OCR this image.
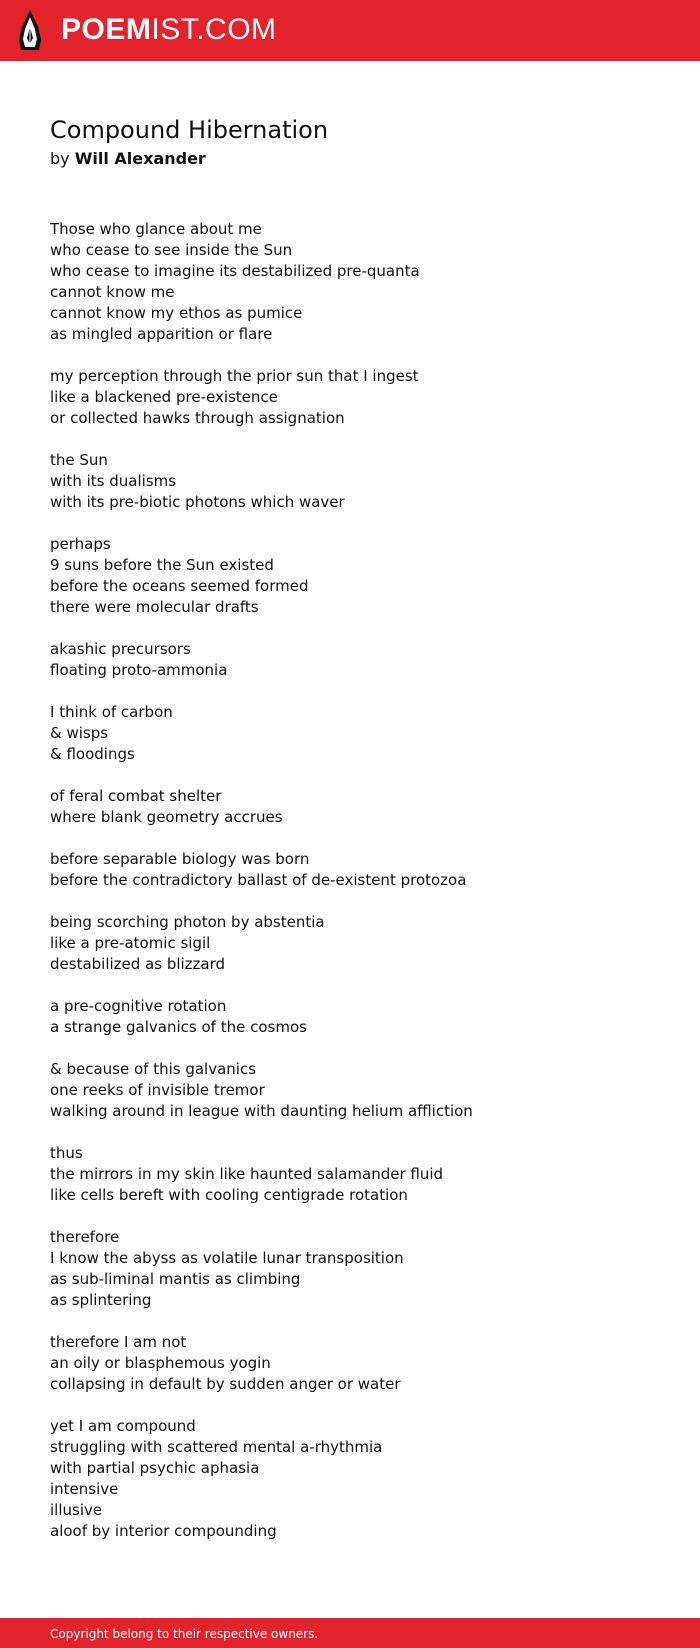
POEMIST.COM
Compound Hibernation
by Will Alexander
Those who glance about me
who cease to see inside the Sun
who cease to imagine its destabilized pre-quanta
cannot know me
cannot know my ethos as pumice
as mingled apparition or flare
my perception through the prior sun that I ingest
like a blackened pre-existence
or collected hawks through assignation
the Sun
with its dualisms
with its pre-biotic photons which waver
perhaps
9 suns before the Sun existed
before the oceans seemed formed
there were molecular drafts
akashic precursors
floating proto-ammonia
I think of carbon
& wisps
& floodings
of feral combat shelter
where blank geometry accrues
before separable biology was born
before the contradictory ballast of de-existent protozoa
being scorching photon by abstentia
like a pre-atomic sigil
destabilized as blizzard
a pre-cognitive rotation
a strange galvanics of the cosmos
& because of this galvanics
one reeks of invisible tremor
walking around in league with daunting helium affliction
thus
the mirrors in my skin like haunted salamander fluid
like cells bereft with cooling centigrade rotation
therefore
I know the abyss as volatile lunar transposition
as sub-liminal mantis as climbing
as splintering
therefore I am not
an oily or blasphemous yogin
collapsing in default by sudden anger or water
yet I am compound
struggling with scattered mental a-rhythmia
with partial psychic aphasia
intensive
illusive
aloof by interior compounding
Copyright belong to their respective owners.
